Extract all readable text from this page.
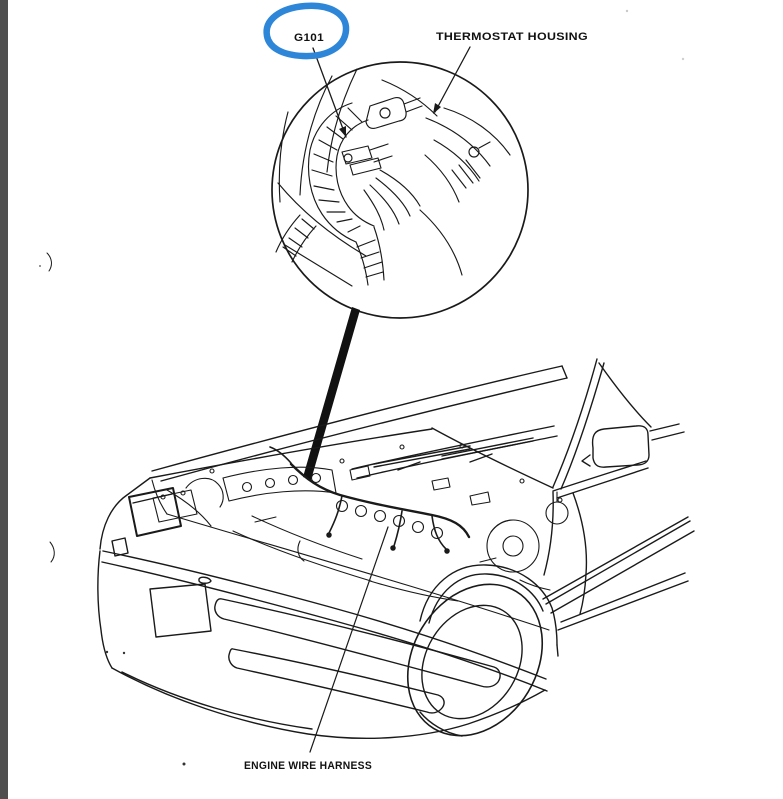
G101	THERMOSTAT HOUSING
ENGINE WIRE HARNESS
